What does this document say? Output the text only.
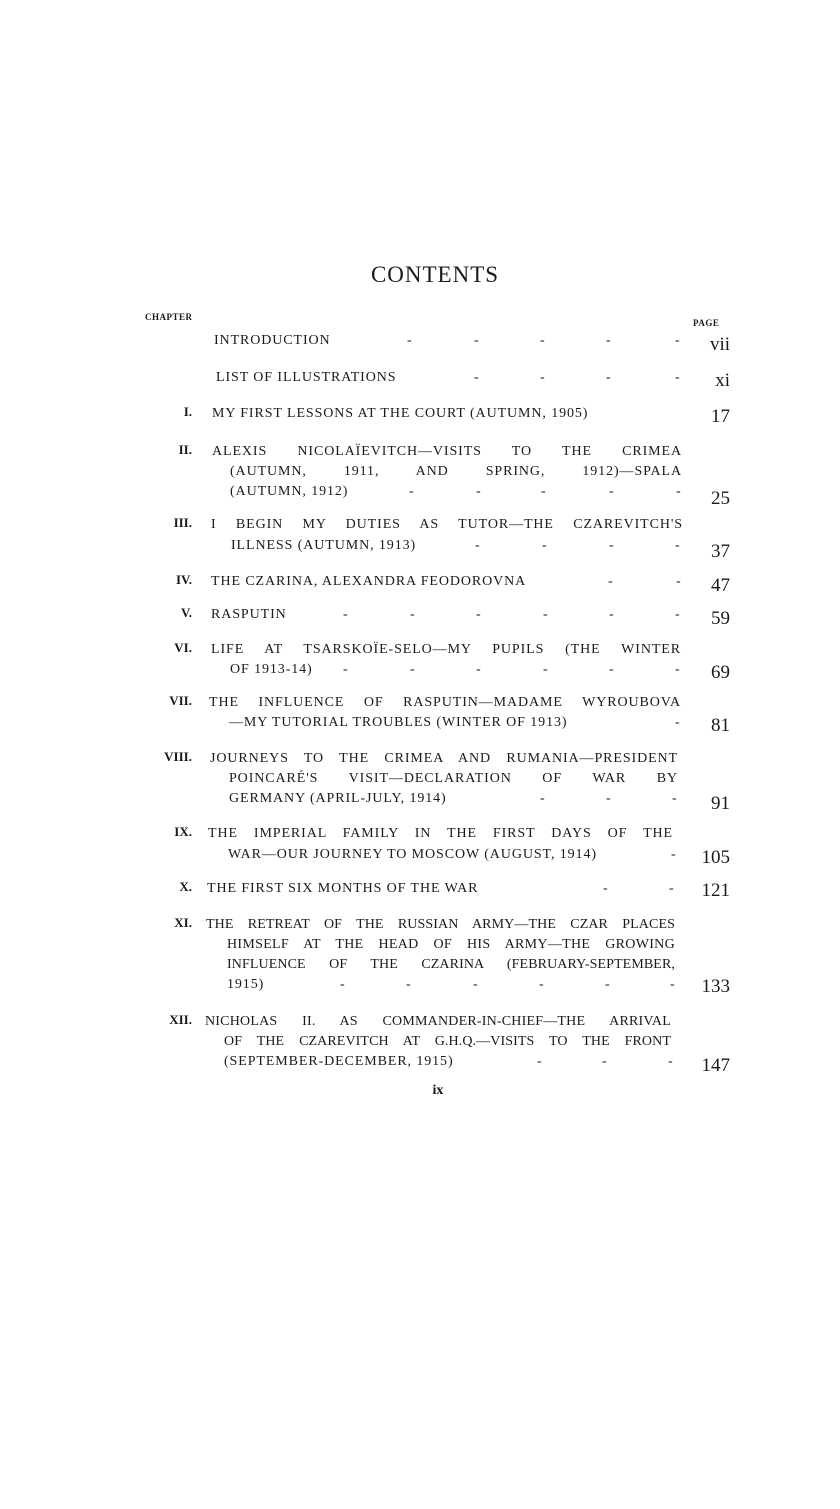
CONTENTS
CHAPTER
PAGE
INTRODUCTION	-	-	-	-	- vii
LIST OF ILLUSTRATIONS	-	-	-	- xi
I. MY FIRST LESSONS AT THE COURT (AUTUMN, 1905)	17
II. ALEXIS NICOLAÏEVITCH—VISITS TO THE CRIMEA
(AUTUMN, 1911, AND SPRING, 1912)—SPALA
(AUTUMN, 1912)	-	-	-	-	- 25
III. I BEGIN MY DUTIES AS TUTOR—THE CZAREVITCH'S
ILLNESS (AUTUMN, 1913)	-	-	-	- 37
IV. THE CZARINA, ALEXANDRA FEODOROVNA	-	- 47
V. RASPUTIN	-	-	-	-	-	- 59
VI. LIFE AT TSARSKOÏE-SELO—MY PUPILS (THE WINTER
OF 1913-14) -	-	-	-	-	- 69
VII. THE INFLUENCE OF RASPUTIN—MADAME WYROUBOVA
—MY TUTORIAL TROUBLES (WINTER OF 1913)	- 81
VIII. JOURNEYS TO THE CRIMEA AND RUMANIA—PRESIDENT
POINCARÉ'S VISIT—DECLARATION OF WAR BY
GERMANY (APRIL-JULY, 1914)	-	-	- 91
IX. THE IMPERIAL FAMILY IN THE FIRST DAYS OF THE
WAR—OUR JOURNEY TO MOSCOW (AUGUST, 1914)	- 105
X. THE FIRST SIX MONTHS OF THE WAR	-	- 121
XI. THE RETREAT OF THE RUSSIAN ARMY—THE CZAR PLACES
HIMSELF AT THE HEAD OF HIS ARMY—THE GROWING
INFLUENCE OF THE CZARINA (FEBRUARY-SEPTEMBER,
1915)	-	-	-	-	-	- 133
XII. NICHOLAS II. AS COMMANDER-IN-CHIEF—THE ARRIVAL
OF THE CZAREVITCH AT G.H.Q.—VISITS TO THE FRONT
(SEPTEMBER-DECEMBER, 1915)	-	-	- 147
ix
